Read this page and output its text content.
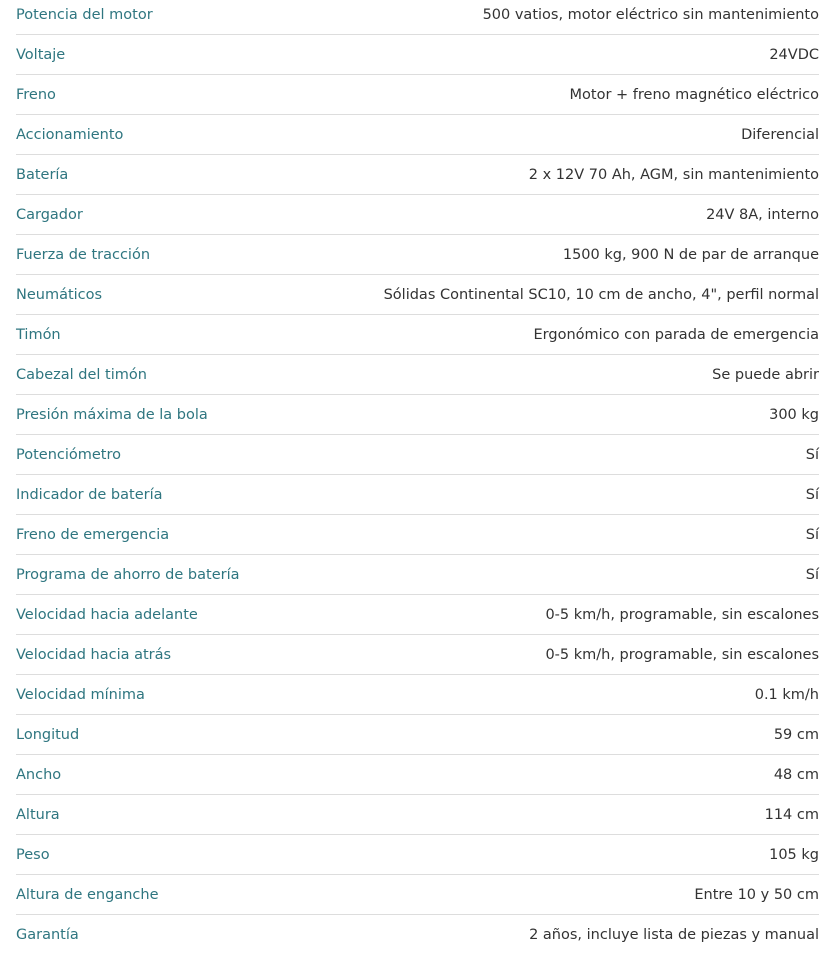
Potencia del motor	500 vatios, motor eléctrico sin mantenimiento
Voltaje	24VDC
Freno	Motor + freno magnético eléctrico
Accionamiento	Diferencial
Batería	2 x 12V 70 Ah, AGM, sin mantenimiento
Cargador	24V 8A, interno
Fuerza de tracción	1500 kg, 900 N de par de arranque
Neumáticos	Sólidas Continental SC10, 10 cm de ancho, 4", perfil normal
Timón	Ergonómico con parada de emergencia
Cabezal del timón	Se puede abrir
Presión máxima de la bola	300 kg
Potenciómetro	Sí
Indicador de batería	Sí
Freno de emergencia	Sí
Programa de ahorro de batería	Sí
Velocidad hacia adelante	0-5 km/h, programable, sin escalones
Velocidad hacia atrás	0-5 km/h, programable, sin escalones
Velocidad mínima	0.1 km/h
Longitud	59 cm
Ancho	48 cm
Altura	114 cm
Peso	105 kg
Altura de enganche	Entre 10 y 50 cm
Garantía	2 años, incluye lista de piezas y manual
